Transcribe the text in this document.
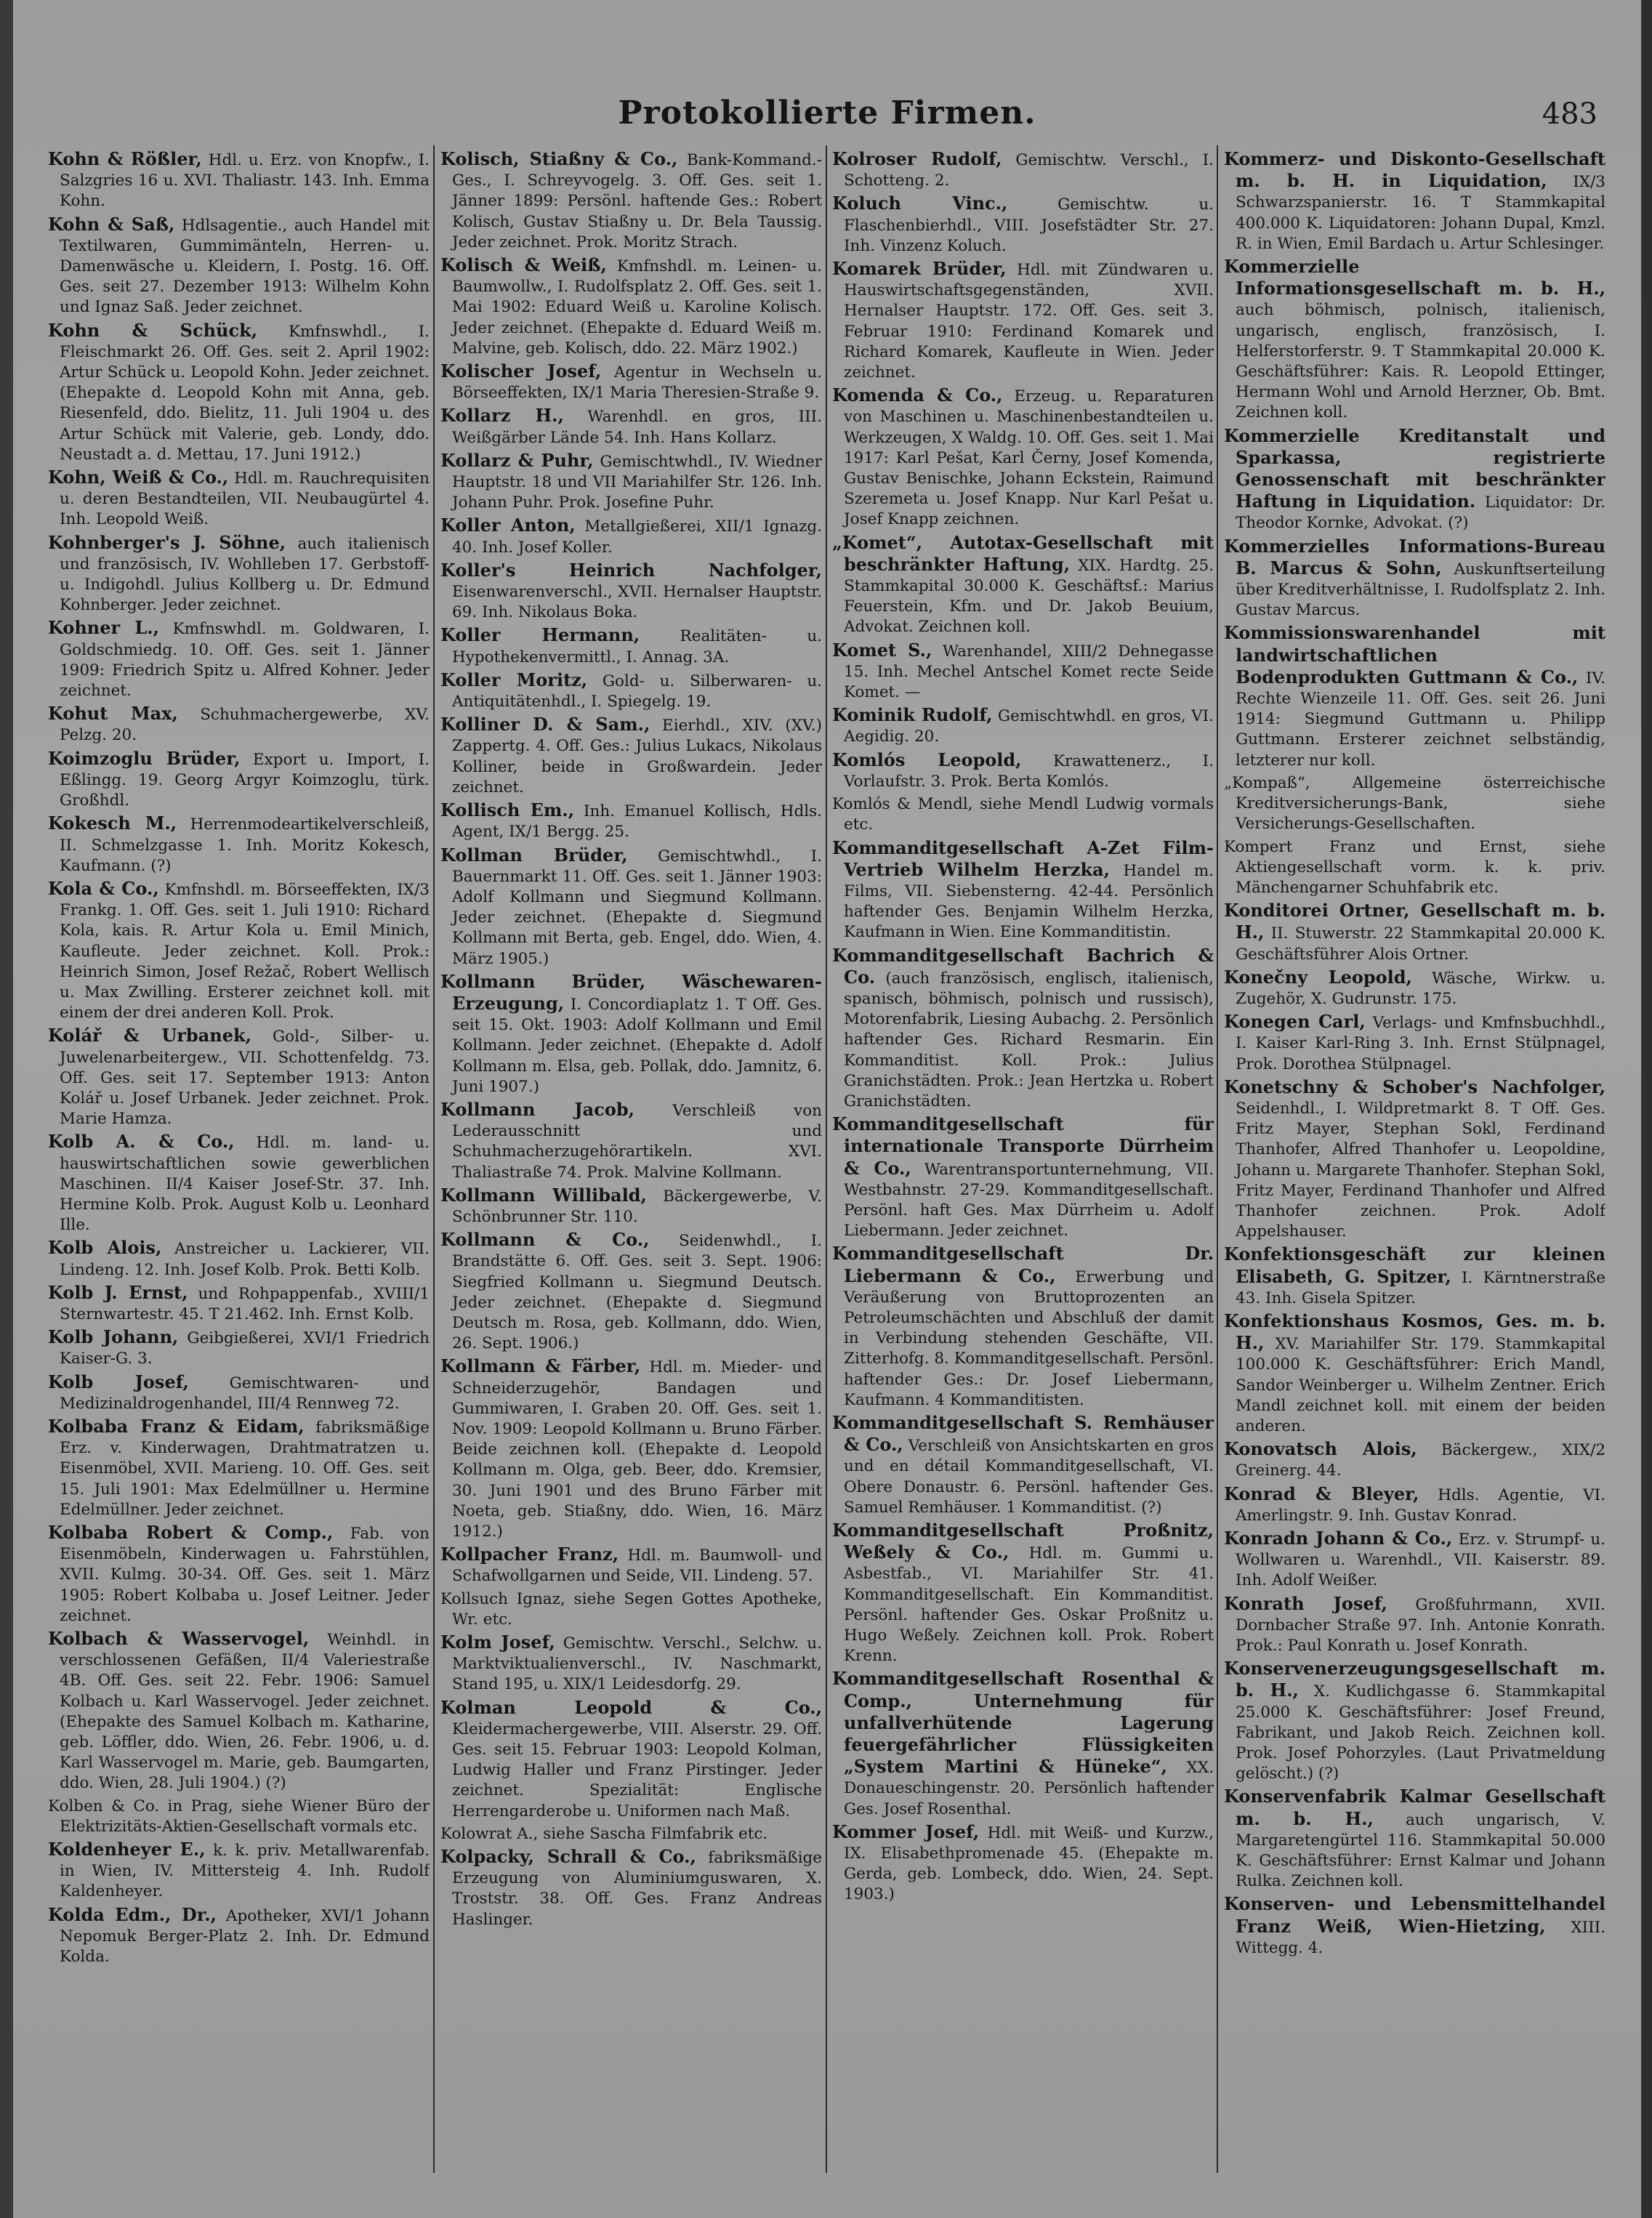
Protokollierte Firmen.	483

Kohn & Rößler, Hdl. u. Erz. von Knopfw., I. Salzgries 16 u. XVI. Thaliastr. 143. Inh. Emma Kohn.

Kohn & Saß, Hdlsagentie., auch Handel mit Textilwaren, Gummimänteln, Herren- u. Damenwäsche u. Kleidern, I. Postg. 16. Off. Ges. seit 27. Dezember 1913: Wilhelm Kohn und Ignaz Saß. Jeder zeichnet.

Kohn & Schück, Kmfnswhdl., I. Fleischmarkt 26. Off. Ges. seit 2. April 1902: Artur Schück u. Leopold Kohn. Jeder zeichnet. (Ehepakte d. Leopold Kohn mit Anna, geb. Riesenfeld, ddo. Bielitz, 11. Juli 1904 u. des Artur Schück mit Valerie, geb. Londy, ddo. Neustadt a. d. Mettau, 17. Juni 1912.)

Kohn, Weiß & Co., Hdl. m. Rauchrequisiten u. deren Bestandteilen, VII. Neubaugürtel 4. Inh. Leopold Weiß.

Kohnberger's J. Söhne, auch italienisch und französisch, IV. Wohlleben 17. Gerbstoff- u. Indigohdl. Julius Kollberg u. Dr. Edmund Kohnberger. Jeder zeichnet.

Kohner L., Kmfnswhdl. m. Goldwaren, I. Goldschmiedg. 10. Off. Ges. seit 1. Jänner 1909: Friedrich Spitz u. Alfred Kohner. Jeder zeichnet.

Kohut Max, Schuhmachergewerbe, XV. Pelzg. 20.

Koimzoglu Brüder, Export u. Import, I. Eßlingg. 19. Georg Argyr Koimzoglu, türk. Großhdl.

Kokesch M., Herrenmodeartikelverschleiß, II. Schmelzgasse 1. Inh. Moritz Kokesch, Kaufmann. (?)

Kola & Co., Kmfnshdl. m. Börseeffekten, IX/3 Frankg. 1. Off. Ges. seit 1. Juli 1910: Richard Kola, kais. R. Artur Kola u. Emil Minich, Kaufleute. Jeder zeichnet. Koll. Prok.: Heinrich Simon, Josef Režač, Robert Wellisch u. Max Zwilling. Ersterer zeichnet koll. mit einem der drei anderen Koll. Prok.

Kolář & Urbanek, Gold-, Silber- u. Juwelenarbeitergew., VII. Schottenfeldg. 73. Off. Ges. seit 17. September 1913: Anton Kolář u. Josef Urbanek. Jeder zeichnet. Prok. Marie Hamza.

Kolb A. & Co., Hdl. m. land- u. hauswirtschaftlichen sowie gewerblichen Maschinen. II/4 Kaiser Josef-Str. 37. Inh. Hermine Kolb. Prok. August Kolb u. Leonhard Ille.

Kolb Alois, Anstreicher u. Lackierer, VII. Lindeng. 12. Inh. Josef Kolb. Prok. Betti Kolb.

Kolb J. Ernst, und Rohpappenfab., XVIII/1 Sternwartestr. 45. T 21.462. Inh. Ernst Kolb.

Kolb Johann, Geibgießerei, XVI/1 Friedrich Kaiser-G. 3.

Kolb Josef,	Gemischtwaren- und Medizinaldrogenhandel, III/4 Rennweg 72.

Kolbaba Franz & Eidam, fabriksmäßige Erz. v. Kinderwagen, Drahtmatratzen u. Eisenmöbel, XVII. Marieng. 10. Off. Ges. seit 15. Juli 1901: Max Edelmüllner u. Hermine Edelmüllner. Jeder zeichnet.

Kolbaba Robert & Comp., Fab. von Eisenmöbeln, Kinderwagen u. Fahrstühlen, XVII. Kulmg. 30-34. Off. Ges. seit 1. März 1905: Robert Kolbaba u. Josef Leitner. Jeder zeichnet.

Kolbach & Wasservogel, Weinhdl. in verschlossenen Gefäßen, II/4 Valeriestraße 4B. Off. Ges. seit 22. Febr. 1906: Samuel Kolbach u. Karl Wasservogel. Jeder zeichnet. (Ehepakte des Samuel Kolbach m. Katharine, geb. Löffler, ddo. Wien, 26. Febr. 1906, u. d. Karl Wasservogel m. Marie, geb. Baumgarten, ddo. Wien, 28. Juli 1904.) (?)

Kolben & Co. in Prag, siehe Wiener Büro der Elektrizitäts-Aktien-Gesellschaft vormals etc.

Koldenheyer E., k. k. priv. Metallwarenfab. in Wien, IV. Mittersteig 4. Inh. Rudolf Kaldenheyer.

Kolda Edm., Dr., Apotheker, XVI/1 Johann Nepomuk Berger-Platz 2. Inh. Dr. Edmund Kolda.

Kolisch, Stiaßny & Co., Bank-Kommand.-Ges., I. Schreyvogelg. 3. Off. Ges. seit 1. Jänner 1899: Persönl. haftende Ges.: Robert Kolisch, Gustav Stiaßny u. Dr. Bela Taussig. Jeder zeichnet. Prok. Moritz Strach.

Kolisch & Weiß, Kmfnshdl. m. Leinen- u. Baumwollw., I. Rudolfsplatz 2. Off. Ges. seit 1. Mai 1902: Eduard Weiß u. Karoline Kolisch. Jeder zeichnet. (Ehepakte d. Eduard Weiß m. Malvine, geb. Kolisch, ddo. 22. März 1902.)

Kolischer Josef, Agentur in Wechseln u. Börseeffekten, IX/1 Maria Theresien-Straße 9.

Kollarz H., Warenhdl. en gros, III. Weißgärber Lände 54. Inh. Hans Kollarz.

Kollarz & Puhr, Gemischtwhdl., IV. Wiedner Hauptstr. 18 und VII Mariahilfer Str. 126. Inh. Johann Puhr. Prok. Josefine Puhr.

Koller Anton, Metallgießerei, XII/1 Ignazg. 40. Inh. Josef Koller.

Koller's Heinrich Nachfolger, Eisenwarenverschl., XVII. Hernalser Hauptstr. 69. Inh. Nikolaus Boka.

Koller Hermann,	Realitäten- u. Hypothekenvermittl., I. Annag. 3A.

Koller Moritz, Gold- u. Silberwaren- u. Antiquitätenhdl., I. Spiegelg. 19.

Kolliner D. & Sam., Eierhdl., XIV. (XV.) Zappertg. 4. Off. Ges.: Julius Lukacs, Nikolaus Kolliner, beide in Großwardein. Jeder zeichnet.

Kollisch Em., Inh. Emanuel Kollisch, Hdls. Agent, IX/1 Bergg. 25.

Kollman Brüder, Gemischtwhdl., I. Bauernmarkt 11. Off. Ges. seit 1. Jänner 1903: Adolf Kollmann und Siegmund Kollmann. Jeder zeichnet. (Ehepakte d. Siegmund Kollmann mit Berta, geb. Engel, ddo. Wien, 4. März 1905.)

Kollmann Brüder, Wäschewaren-Erzeugung, I. Concordiaplatz 1. T Off. Ges. seit 15. Okt. 1903: Adolf Kollmann und Emil Kollmann. Jeder zeichnet. (Ehepakte d. Adolf Kollmann m. Elsa, geb. Pollak, ddo. Jamnitz, 6. Juni 1907.)

Kollmann Jacob, Verschleiß von Lederausschnitt und Schuhmacherzugehörartikeln. XVI. Thaliastraße 74. Prok. Malvine Kollmann.

Kollmann Willibald, Bäckergewerbe, V. Schönbrunner Str. 110.

Kollmann & Co., Seidenwhdl., I. Brandstätte 6. Off. Ges. seit 3. Sept. 1906: Siegfried Kollmann u. Siegmund Deutsch. Jeder zeichnet. (Ehepakte d. Siegmund Deutsch m. Rosa, geb. Kollmann, ddo. Wien, 26. Sept. 1906.)

Kollmann & Färber, Hdl. m. Mieder- und Schneiderzugehör, Bandagen und Gummiwaren, I. Graben 20. Off. Ges. seit 1. Nov. 1909: Leopold Kollmann u. Bruno Färber. Beide zeichnen koll. (Ehepakte d. Leopold Kollmann m. Olga, geb. Beer, ddo. Kremsier, 30. Juni 1901 und des Bruno Färber mit Noeta, geb. Stiaßny, ddo. Wien, 16. März 1912.)

Kollpacher Franz, Hdl. m. Baumwoll- und Schafwollgarnen und Seide, VII. Lindeng. 57.

Kollsuch Ignaz, siehe Segen Gottes Apotheke, Wr. etc.

Kolm Josef, Gemischtw. Verschl., Selchw. u. Marktviktualienverschl., IV. Naschmarkt, Stand 195, u. XIX/1 Leidesdorfg. 29.

Kolman Leopold & Co., Kleidermachergewerbe, VIII. Alserstr. 29. Off. Ges. seit 15. Februar 1903: Leopold Kolman, Ludwig Haller und Franz Pirstinger. Jeder zeichnet. Spezialität: Englische Herrengarderobe u. Uniformen nach Maß.

Kolowrat A., siehe Sascha Filmfabrik etc.

Kolpacky, Schrall & Co., fabriksmäßige Erzeugung von Aluminiumguswaren, X. Troststr. 38. Off. Ges. Franz Andreas Haslinger.

Kolroser Rudolf, Gemischtw. Verschl., I. Schotteng. 2.

Koluch Vinc.,	Gemischtw. u. Flaschenbierhdl., VIII. Josefstädter Str. 27. Inh. Vinzenz Koluch.

Komarek Brüder, Hdl. mit Zündwaren u. Hauswirtschaftsgegenständen, XVII. Hernalser Hauptstr. 172. Off. Ges. seit 3. Februar 1910: Ferdinand Komarek und Richard Komarek, Kaufleute in Wien. Jeder zeichnet.

Komenda & Co., Erzeug. u. Reparaturen von Maschinen u. Maschinenbestandteilen u. Werkzeugen, X Waldg. 10. Off. Ges. seit 1. Mai 1917: Karl Pešat, Karl Černy, Josef Komenda, Gustav Benischke, Johann Eckstein, Raimund Szeremeta u. Josef Knapp. Nur Karl Pešat u. Josef Knapp zeichnen.

„Komet“, Autotax-Gesellschaft mit beschränkter Haftung, XIX. Hardtg. 25. Stammkapital 30.000 K. Geschäftsf.: Marius Feuerstein, Kfm. und Dr. Jakob Beuium, Advokat. Zeichnen koll.

Komet S., Warenhandel, XIII/2 Dehnegasse 15. Inh. Mechel Antschel Komet recte Seide Komet. —

Kominik Rudolf, Gemischtwhdl. en gros, VI. Aegidig. 20.

Komlós Leopold, Krawattenerz., I. Vorlaufstr. 3. Prok. Berta Komlós.

Komlós & Mendl, siehe Mendl Ludwig vormals etc.

Kommanditgesellschaft A-Zet Film-Vertrieb Wilhelm Herzka, Handel m. Films, VII. Siebensterng. 42-44. Persönlich haftender Ges. Benjamin Wilhelm Herzka, Kaufmann in Wien. Eine Kommanditistin.

Kommanditgesellschaft Bachrich & Co. (auch französisch, englisch, italienisch, spanisch, böhmisch, polnisch und russisch), Motorenfabrik, Liesing Aubachg. 2. Persönlich haftender Ges. Richard Resmarin. Ein Kommanditist. Koll. Prok.: Julius Granichstädten. Prok.: Jean Hertzka u. Robert Granichstädten.

Kommanditgesellschaft für internationale Transporte Dürrheim & Co., Warentransportunternehmung, VII. Westbahnstr. 27-29. Kommanditgesellschaft. Persönl. haft Ges. Max Dürrheim u. Adolf Liebermann. Jeder zeichnet.

Kommanditgesellschaft Dr. Liebermann & Co., Erwerbung und Veräußerung von Bruttoprozenten an Petroleumschächten und Abschluß der damit in Verbindung stehenden Geschäfte, VII. Zitterhofg. 8. Kommanditgesellschaft. Persönl. haftender Ges.: Dr. Josef Liebermann, Kaufmann. 4 Kommanditisten.

Kommanditgesellschaft S. Remhäuser & Co., Verschleiß von Ansichtskarten en gros und en détail Kommanditgesellschaft, VI. Obere Donaustr. 6. Persönl. haftender Ges. Samuel Remhäuser. 1 Kommanditist. (?)

Kommanditgesellschaft Proßnitz, Weßely & Co., Hdl. m. Gummi u. Asbestfab., VI. Mariahilfer Str. 41. Kommanditgesellschaft. Ein Kommanditist. Persönl. haftender Ges. Oskar Proßnitz u. Hugo Weßely. Zeichnen koll. Prok. Robert Krenn.

Kommanditgesellschaft Rosenthal & Comp., Unternehmung für unfallverhütende Lagerung feuergefährlicher Flüssigkeiten „System Martini & Hüneke“, XX. Donaueschingenstr. 20. Persönlich haftender Ges. Josef Rosenthal.

Kommer Josef, Hdl. mit Weiß- und Kurzw., IX. Elisabethpromenade 45. (Ehepakte m. Gerda, geb. Lombeck, ddo. Wien, 24. Sept. 1903.)

Kommerz- und Diskonto-Gesellschaft m. b. H. in Liquidation, IX/3 Schwarzspanierstr. 16. T Stammkapital 400.000 K. Liquidatoren: Johann Dupal, Kmzl. R. in Wien, Emil Bardach u. Artur Schlesinger.

Kommerzielle Informationsgesellschaft m. b. H., auch böhmisch, polnisch, italienisch, ungarisch, englisch, französisch, I. Helferstorferstr. 9. T Stammkapital 20.000 K. Geschäftsführer: Kais. R. Leopold Ettinger, Hermann Wohl und Arnold Herzner, Ob. Bmt. Zeichnen koll.

Kommerzielle Kreditanstalt und Sparkassa, registrierte Genossenschaft mit beschränkter Haftung in Liquidation. Liquidator: Dr. Theodor Kornke, Advokat. (?)

Kommerzielles Informations-Bureau B. Marcus & Sohn, Auskunftserteilung über Kreditverhältnisse, I. Rudolfsplatz 2. Inh. Gustav Marcus.

Kommissionswarenhandel mit landwirtschaftlichen Bodenprodukten Guttmann & Co., IV. Rechte Wienzeile 11. Off. Ges. seit 26. Juni 1914: Siegmund Guttmann u. Philipp Guttmann. Ersterer zeichnet selbständig, letzterer nur koll.

„Kompaß“, Allgemeine österreichische Kreditversicherungs-Bank, siehe Versicherungs-Gesellschaften.

Kompert Franz und Ernst, siehe Aktiengesellschaft vorm. k. k. priv. Mänchengarner Schuhfabrik etc.

Konditorei Ortner, Gesellschaft m. b. H., II. Stuwerstr. 22 Stammkapital 20.000 K. Geschäftsführer Alois Ortner.

Konečny Leopold, Wäsche, Wirkw. u. Zugehör, X. Gudrunstr. 175.

Konegen Carl, Verlags- und Kmfnsbuchhdl., I. Kaiser Karl-Ring 3. Inh. Ernst Stülpnagel, Prok. Dorothea Stülpnagel.

Konetschny & Schober's Nachfolger, Seidenhdl., I. Wildpretmarkt 8. T Off. Ges. Fritz Mayer, Stephan Sokl, Ferdinand Thanhofer, Alfred Thanhofer u. Leopoldine, Johann u. Margarete Thanhofer. Stephan Sokl, Fritz Mayer, Ferdinand Thanhofer und Alfred Thanhofer zeichnen. Prok. Adolf Appelshauser.

Konfektionsgeschäft zur kleinen Elisabeth, G. Spitzer, I. Kärntnerstraße 43. Inh. Gisela Spitzer.

Konfektionshaus Kosmos, Ges. m. b. H., XV. Mariahilfer Str. 179. Stammkapital 100.000 K. Geschäftsführer: Erich Mandl, Sandor Weinberger u. Wilhelm Zentner. Erich Mandl zeichnet koll. mit einem der beiden anderen.

Konovatsch Alois, Bäckergew., XIX/2 Greinerg. 44.

Konrad & Bleyer, Hdls. Agentie, VI. Amerlingstr. 9. Inh. Gustav Konrad.

Konradn Johann & Co., Erz. v. Strumpf- u. Wollwaren u. Warenhdl., VII. Kaiserstr. 89. Inh. Adolf Weißer.

Konrath Josef, Großfuhrmann, XVII. Dornbacher Straße 97. Inh. Antonie Konrath. Prok.: Paul Konrath u. Josef Konrath.

Konservenerzeugungsgesellschaft m. b. H., X. Kudlichgasse 6. Stammkapital 25.000 K. Geschäftsführer: Josef Freund, Fabrikant, und Jakob Reich. Zeichnen koll. Prok. Josef Pohorzyles. (Laut Privatmeldung gelöscht.) (?)

Konservenfabrik Kalmar Gesellschaft m. b. H., auch ungarisch, V. Margaretengürtel 116. Stammkapital 50.000 K. Geschäftsführer: Ernst Kalmar und Johann Rulka. Zeichnen koll.

Konserven- und Lebensmittelhandel Franz Weiß, Wien-Hietzing, XIII. Wittegg. 4.
